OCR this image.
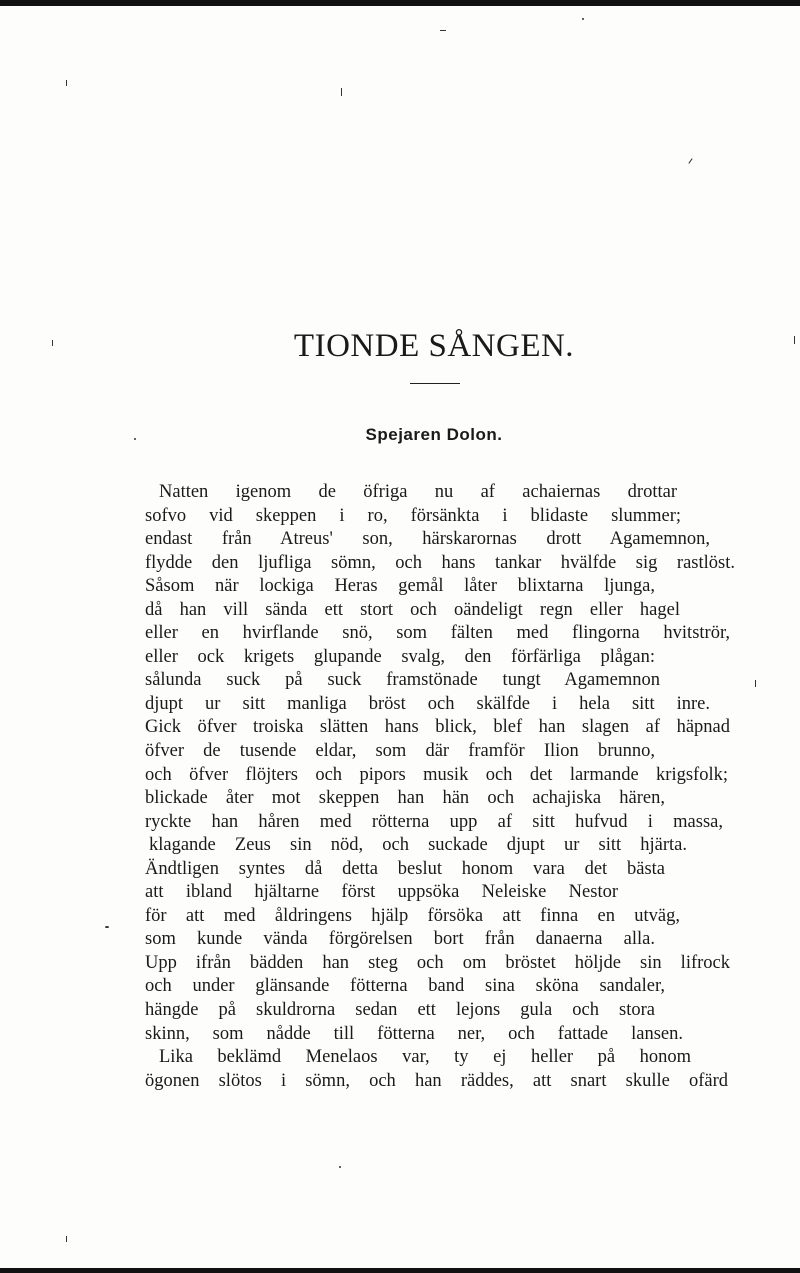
TIONDE SÅNGEN.
Spejaren Dolon.
Natten igenom de öfriga nu af achaiernas drottar
sofvo vid skeppen i ro, försänkta i blidaste slummer;
endast från Atreus' son, härskarornas drott Agamemnon,
flydde den ljufliga sömn, och hans tankar hvälfde sig rastlöst.
Såsom när lockiga Heras gemål låter blixtarna ljunga,
då han vill sända ett stort och oändeligt regn eller hagel
eller en hvirflande snö, som fälten med flingorna hvitströr,
eller ock krigets glupande svalg, den förfärliga plågan:
sålunda suck på suck framstönade tungt Agamemnon
djupt ur sitt manliga bröst och skälfde i hela sitt inre.
Gick öfver troiska slätten hans blick, blef han slagen af häpnad
öfver de tusende eldar, som där framför Ilion brunno,
och öfver flöjters och pipors musik och det larmande krigsfolk;
blickade åter mot skeppen han hän och achajiska hären,
ryckte han håren med rötterna upp af sitt hufvud i massa,
klagande Zeus sin nöd, och suckade djupt ur sitt hjärta.
Ändtligen syntes då detta beslut honom vara det bästa
att ibland hjältarne först uppsöka Neleiske Nestor
för att med åldringens hjälp försöka att finna en utväg,
som kunde vända förgörelsen bort från danaerna alla.
Upp ifrån bädden han steg och om bröstet höljde sin lifrock
och under glänsande fötterna band sina sköna sandaler,
hängde på skuldrorna sedan ett lejons gula och stora
skinn, som nådde till fötterna ner, och fattade lansen.
Lika beklämd Menelaos var, ty ej heller på honom
ögonen slötos i sömn, och han räddes, att snart skulle ofärd
